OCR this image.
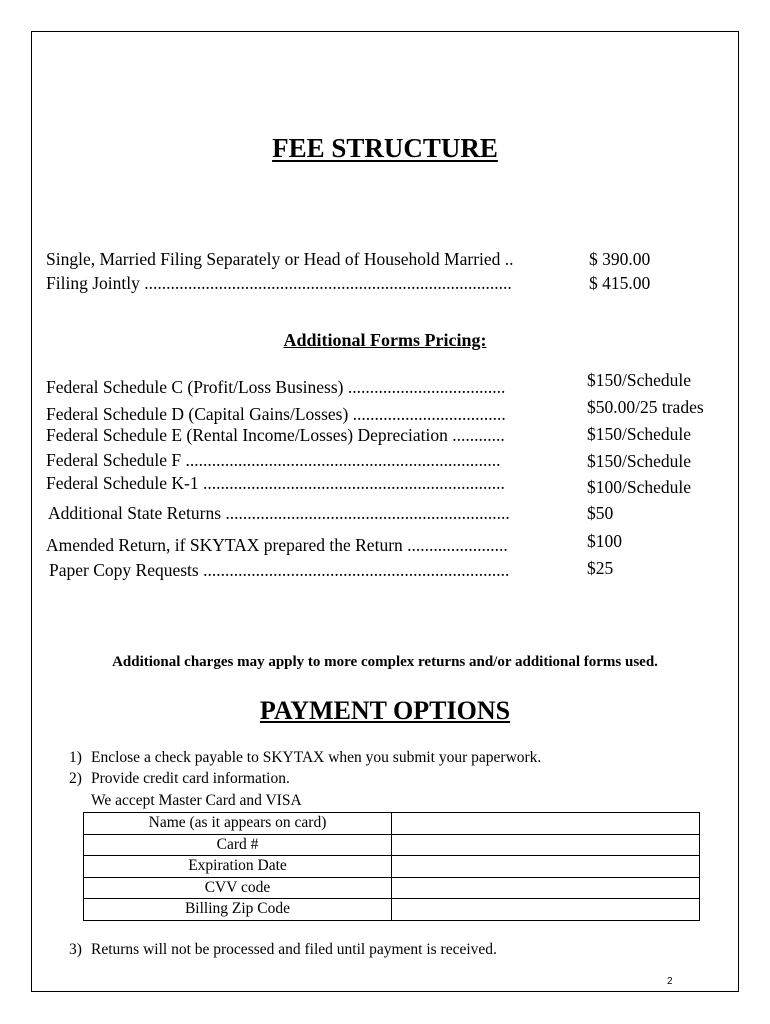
FEE STRUCTURE
Single, Married Filing Separately or Head of Household Married ..	$ 390.00
Filing Jointly ....................................................................................	$ 415.00
Additional Forms Pricing:
Federal Schedule C (Profit/Loss Business) ....................................	$150/Schedule
Federal Schedule D (Capital Gains/Losses) ...................................	$50.00/25 trades
Federal Schedule E (Rental Income/Losses) Depreciation ............	$150/Schedule
Federal Schedule F ........................................................................	$150/Schedule
Federal Schedule K-1 .....................................................................	$100/Schedule
Additional State Returns .................................................................	$50
Amended Return, if SKYTAX prepared the Return .......................	$100
Paper Copy Requests ......................................................................	$25
Additional charges may apply to more complex returns and/or additional forms used.
PAYMENT OPTIONS
1) Enclose a check payable to SKYTAX when you submit your paperwork.
2) Provide credit card information.
We accept Master Card and VISA
Name (as it appears on card)	
Card #	
Expiration Date	
CVV code	
Billing Zip Code	
3) Returns will not be processed and filed until payment is received.
2
